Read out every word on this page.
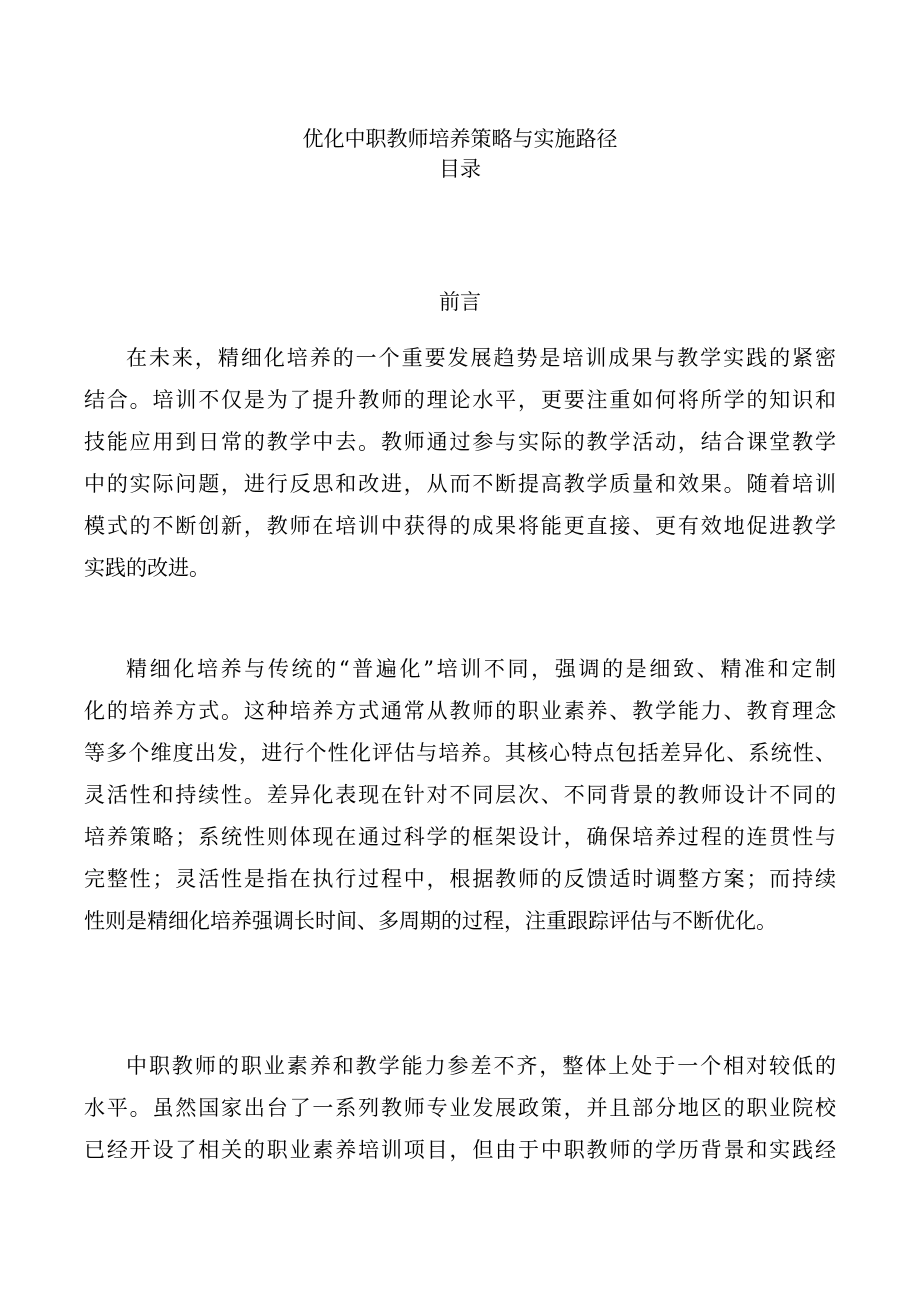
优化中职教师培养策略与实施路径
目录
前言
在未来，精细化培养的一个重要发展趋势是培训成果与教学实践的紧密
结合。培训不仅是为了提升教师的理论水平，更要注重如何将所学的知识和
技能应用到日常的教学中去。教师通过参与实际的教学活动，结合课堂教学
中的实际问题，进行反思和改进，从而不断提高教学质量和效果。随着培训
模式的不断创新，教师在培训中获得的成果将能更直接、更有效地促进教学
实践的改进。
精细化培养与传统的“普遍化”培训不同，强调的是细致、精准和定制
化的培养方式。这种培养方式通常从教师的职业素养、教学能力、教育理念
等多个维度出发，进行个性化评估与培养。其核心特点包括差异化、系统性、
灵活性和持续性。差异化表现在针对不同层次、不同背景的教师设计不同的
培养策略；系统性则体现在通过科学的框架设计，确保培养过程的连贯性与
完整性；灵活性是指在执行过程中，根据教师的反馈适时调整方案；而持续
性则是精细化培养强调长时间、多周期的过程，注重跟踪评估与不断优化。
中职教师的职业素养和教学能力参差不齐，整体上处于一个相对较低的
水平。虽然国家出台了一系列教师专业发展政策，并且部分地区的职业院校
已经开设了相关的职业素养培训项目，但由于中职教师的学历背景和实践经
